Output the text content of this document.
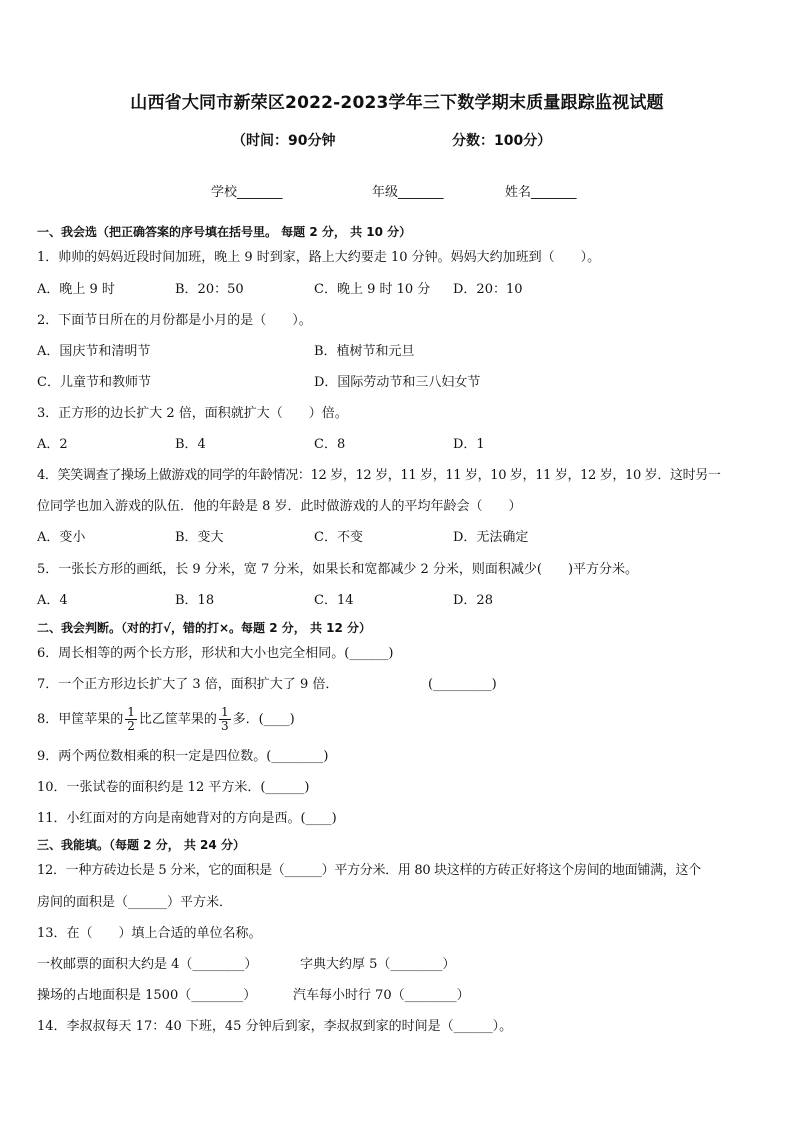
山西省大同市新荣区2022-2023学年三下数学期末质量跟踪监视试题
（时间：90分钟	分数：100分）
学校_______	年级_______	姓名_______
一、我会选（把正确答案的序号填在括号里。 每题 2 分， 共 10 分）
1．帅帅的妈妈近段时间加班，晚上 9 时到家，路上大约要走 10 分钟。妈妈大约加班到（　　）。
A．晚上 9 时	B．20：50	C．晚上 9 时 10 分 D．20：10
2．下面节日所在的月份都是小月的是（　　）。
A．国庆节和清明节	B．植树节和元旦
C．儿童节和教师节	D．国际劳动节和三八妇女节
3．正方形的边长扩大 2 倍，面积就扩大（　　）倍。
A．2	B．4	C．8	D．1
4．笑笑调查了操场上做游戏的同学的年龄情况：12 岁，12 岁，11 岁，11 岁，10 岁，11 岁，12 岁，10 岁．这时另一
位同学也加入游戏的队伍．他的年龄是 8 岁．此时做游戏的人的平均年龄会（　　）
A．变小	B．变大	C．不变	D．无法确定
5．一张长方形的画纸，长 9 分米，宽 7 分米，如果长和宽都减少 2 分米，则面积减少(　　)平方分米。
A．4	B．18	C．14	D．28
二、我会判断。（对的打√，错的打×。每题 2 分， 共 12 分）
6．周长相等的两个长方形，形状和大小也完全相同。(______)
7．一个正方形边长扩大了 3 倍，面积扩大了 9 倍．	(_________)
8．甲筐苹果的 $\frac{1}{2}$ 比乙筐苹果的 $\frac{1}{3}$ 多．(____)
9．两个两位数相乘的积一定是四位数。(________)
10．一张试卷的面积约是 12 平方米．(______)
11．小红面对的方向是南她背对的方向是西。(____)
三、我能填。（每题 2 分， 共 24 分）
12．一种方砖边长是 5 分米，它的面积是（______）平方分米．用 80 块这样的方砖正好将这个房间的地面铺满，这个
房间的面积是（______）平方米．
13．在（　　）填上合适的单位名称。
一枚邮票的面积大约是 4（________）	字典大约厚 5（________）
操场的占地面积是 1500（________）	汽车每小时行 70（________）
14．李叔叔每天 17：40 下班，45 分钟后到家，李叔叔到家的时间是（______）。
